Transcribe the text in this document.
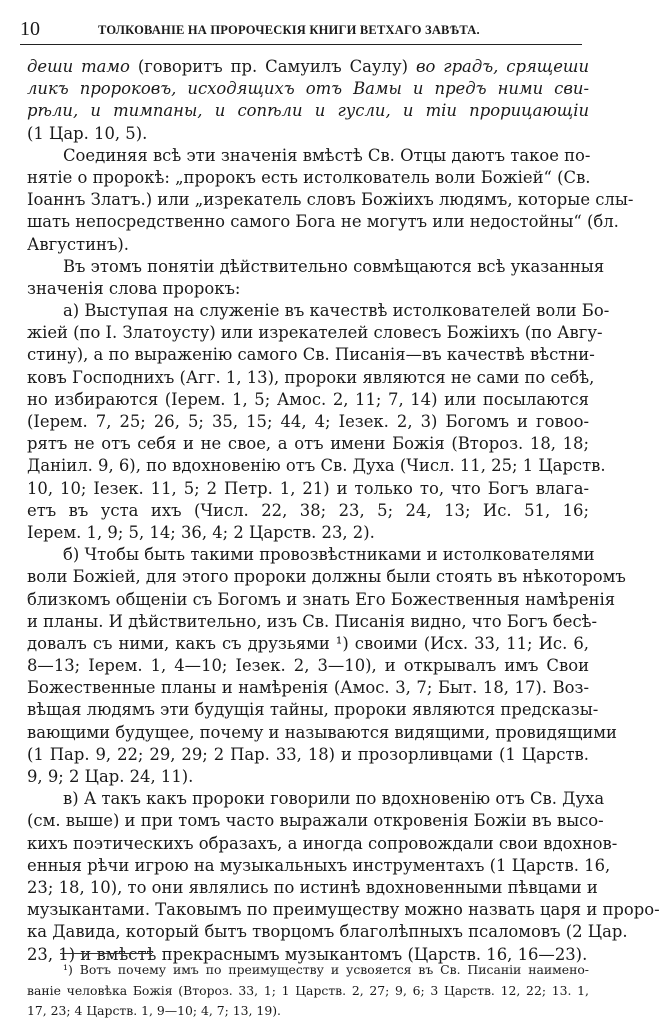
10	ТОЛКОВАНІЕ НА ПРОРОЧЕСКІЯ КНИГИ ВЕТХАГО ЗАВѢТА.
деши тамо (говоритъ пр. Самуилъ Саулу) во градъ, срящеши
ликъ пророковъ, исходящихъ отъ Вамы и предъ ними сви-
рѣли, и тимпаны, и сопѣли и гусли, и тіи прорицающіи
(1 Цар. 10, 5).
Соединяя всѣ эти значенія вмѣстѣ Св. Отцы даютъ такое по-
нятіе о пророкѣ: „пророкъ есть истолкователь воли Божіей“ (Св.
Іоаннъ Златъ.) или „изрекатель словъ Божіихъ людямъ, которые слы-
шать непосредственно самого Бога не могутъ или недостойны“ (бл.
Августинъ).
Въ этомъ понятіи дѣйствительно совмѣщаются всѣ указанныя
значенія слова пророкъ:
а) Выступая на служеніе въ качествѣ истолкователей воли Бо-
жіей (по І. Златоусту) или изрекателей словесъ Божіихъ (по Авгу-
стину), а по выраженію самого Св. Писанія—въ качествѣ вѣстни-
ковъ Господнихъ (Агг. 1, 13), пророки являются не сами по себѣ,
но избираются (Іерем. 1, 5; Амос. 2, 11; 7, 14) или посылаются
(Іерем. 7, 25; 26, 5; 35, 15; 44, 4; Іезек. 2, 3) Богомъ и говоо-
рятъ не отъ себя и не свое, а отъ имени Божія (Второз. 18, 18;
Даніил. 9, 6), по вдохновенію отъ Св. Духа (Числ. 11, 25; 1 Царств.
10, 10; Іезек. 11, 5; 2 Петр. 1, 21) и только то, что Богъ влага-
етъ въ уста ихъ (Числ. 22, 38; 23, 5; 24, 13; Ис. 51, 16;
Іерем. 1, 9; 5, 14; 36, 4; 2 Царств. 23, 2).
б) Чтобы быть такими провозвѣстниками и истолкователями
воли Божіей, для этого пророки должны были стоять въ нѣкоторомъ
близкомъ общеніи съ Богомъ и знать Его Божественныя намѣренія
и планы. И дѣйствительно, изъ Св. Писанія видно, что Богъ бесѣ-
довалъ съ ними, какъ съ друзьями ¹) своими (Исх. 33, 11; Ис. 6,
8—13; Іерем. 1, 4—10; Іезек. 2, 3—10), и открывалъ имъ Свои
Божественные планы и намѣренія (Амос. 3, 7; Быт. 18, 17). Воз-
вѣщая людямъ эти будущія тайны, пророки являются предсказы-
вающими будущее, почему и называются видящими, провидящими
(1 Пар. 9, 22; 29, 29; 2 Пар. 33, 18) и прозорливцами (1 Царств.
9, 9; 2 Цар. 24, 11).
в) А такъ какъ пророки говорили по вдохновенію отъ Св. Духа
(см. выше) и при томъ часто выражали откровенія Божіи въ высо-
кихъ поэтическихъ образахъ, а иногда сопровождали свои вдохнов-
енныя рѣчи игрою на музыкальныхъ инструментахъ (1 Царств. 16,
23; 18, 10), то они являлись по истинѣ вдохновенными пѣвцами и
музыкантами. Таковымъ по преимуществу можно назвать царя и проро-
ка Давида, который бытъ творцомъ благолѣпныхъ псаломовъ (2 Цар.
23, 1) и вмѣстѣ прекраснымъ музыкантомъ (Царств. 16, 16—23).
¹) Вотъ почему имъ по преимуществу и усвояется въ Св. Писаніи наимено-
ваніе человѣка Божія (Второз. 33, 1; 1 Царств. 2, 27; 9, 6; 3 Царств. 12, 22; 13. 1,
17, 23; 4 Царств. 1, 9—10; 4, 7; 13, 19).
